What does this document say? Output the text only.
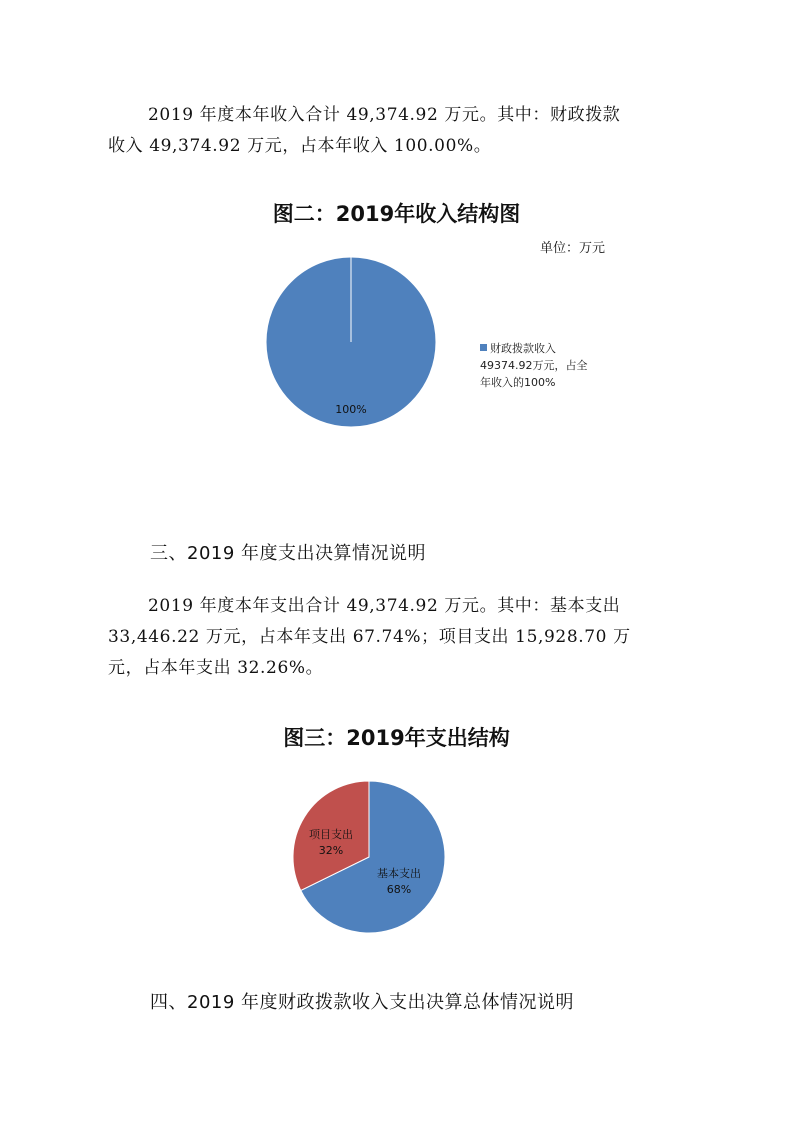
2019 年度本年收入合计 49,374.92 万元。其中：财政拨款
收入 49,374.92 万元，占本年收入 100.00%。
图二：2019年收入结构图
单位：万元
100%
财政拨款收入
49374.92万元，占全
年收入的100%
三、2019 年度支出决算情况说明
2019 年度本年支出合计 49,374.92 万元。其中：基本支出
33,446.22 万元，占本年支出 67.74%；项目支出 15,928.70 万
元，占本年支出 32.26%。
图三：2019年支出结构
基本支出
68%
项目支出
32%
四、2019 年度财政拨款收入支出决算总体情况说明
